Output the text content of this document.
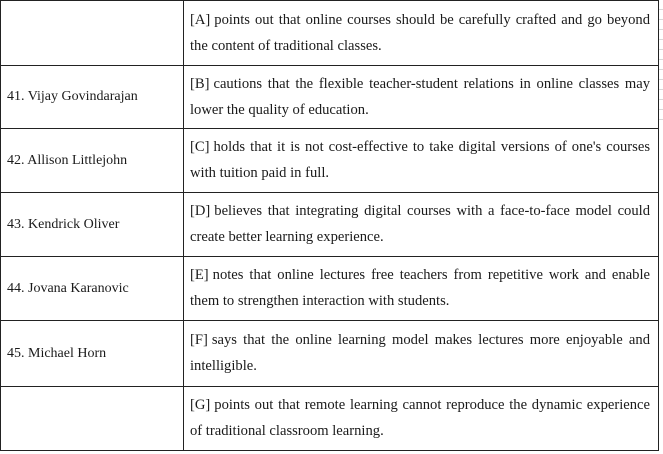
	[A] points out that online courses should be carefully crafted and go beyond the content of traditional classes.
41. Vijay Govindarajan	[B] cautions that the flexible teacher-student relations in online classes may lower the quality of education.
42. Allison Littlejohn	[C] holds that it is not cost-effective to take digital versions of one's courses with tuition paid in full.
43. Kendrick Oliver	[D] believes that integrating digital courses with a face-to-face model could create better learning experience.
44. Jovana Karanovic	[E] notes that online lectures free teachers from repetitive work and enable them to strengthen interaction with students.
45. Michael Horn	[F] says that the online learning model makes lectures more enjoyable and intelligible.
	[G] points out that remote learning cannot reproduce the dynamic experience of traditional classroom learning.
